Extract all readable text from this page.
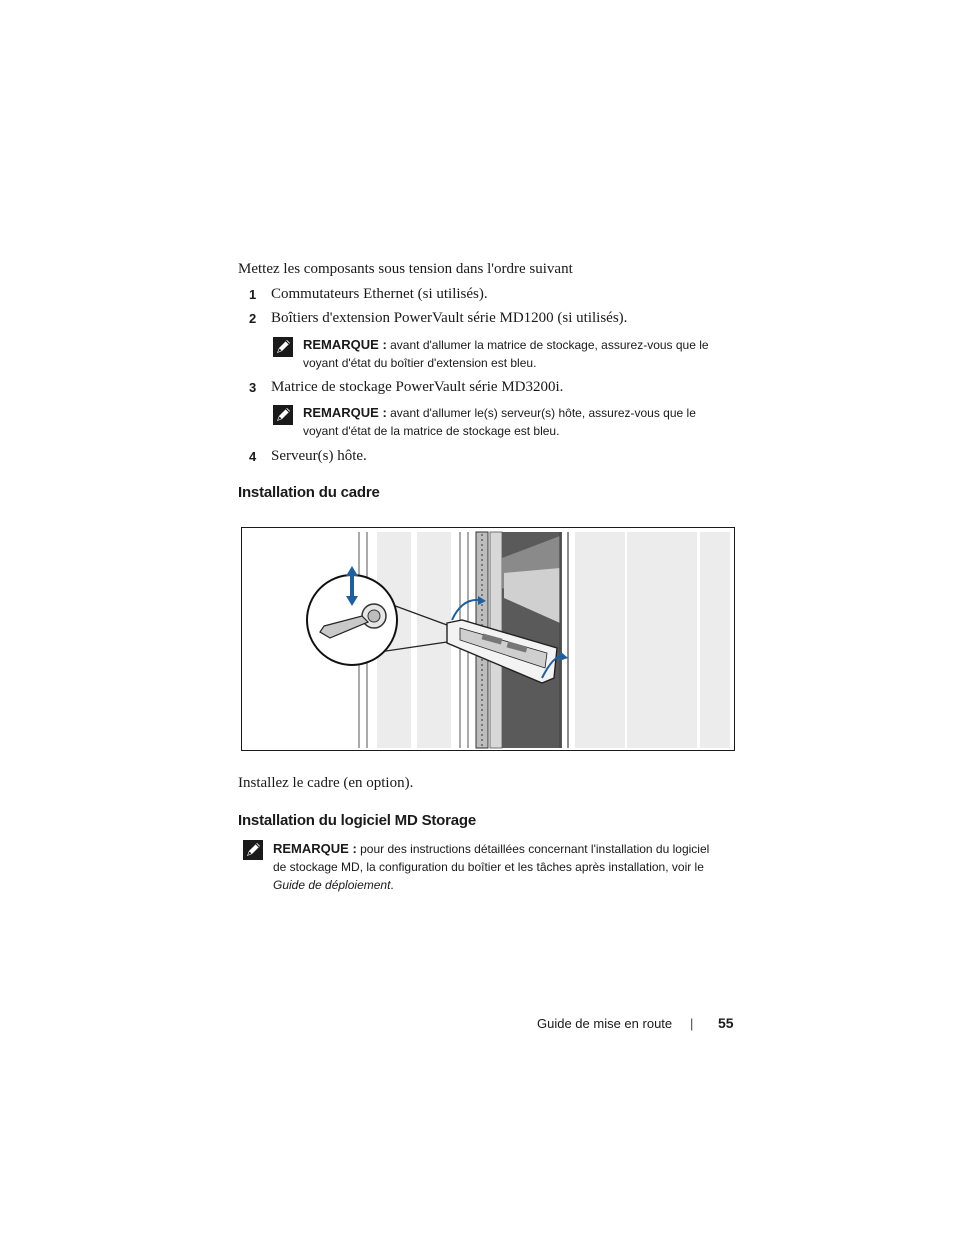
Mettez les composants sous tension dans l'ordre suivant
1 Commutateurs Ethernet (si utilisés).
2 Boîtiers d'extension PowerVault série MD1200 (si utilisés).
REMARQUE : avant d'allumer la matrice de stockage, assurez-vous que le
voyant d'état du boîtier d'extension est bleu.
3 Matrice de stockage PowerVault série MD3200i.
REMARQUE : avant d'allumer le(s) serveur(s) hôte, assurez-vous que le
voyant d'état de la matrice de stockage est bleu.
4 Serveur(s) hôte.
Installation du cadre
Installez le cadre (en option).
Installation du logiciel MD Storage
REMARQUE : pour des instructions détaillées concernant l'installation du logiciel
de stockage MD, la configuration du boîtier et les tâches après installation, voir le
Guide de déploiement.
Guide de mise en route | 55
